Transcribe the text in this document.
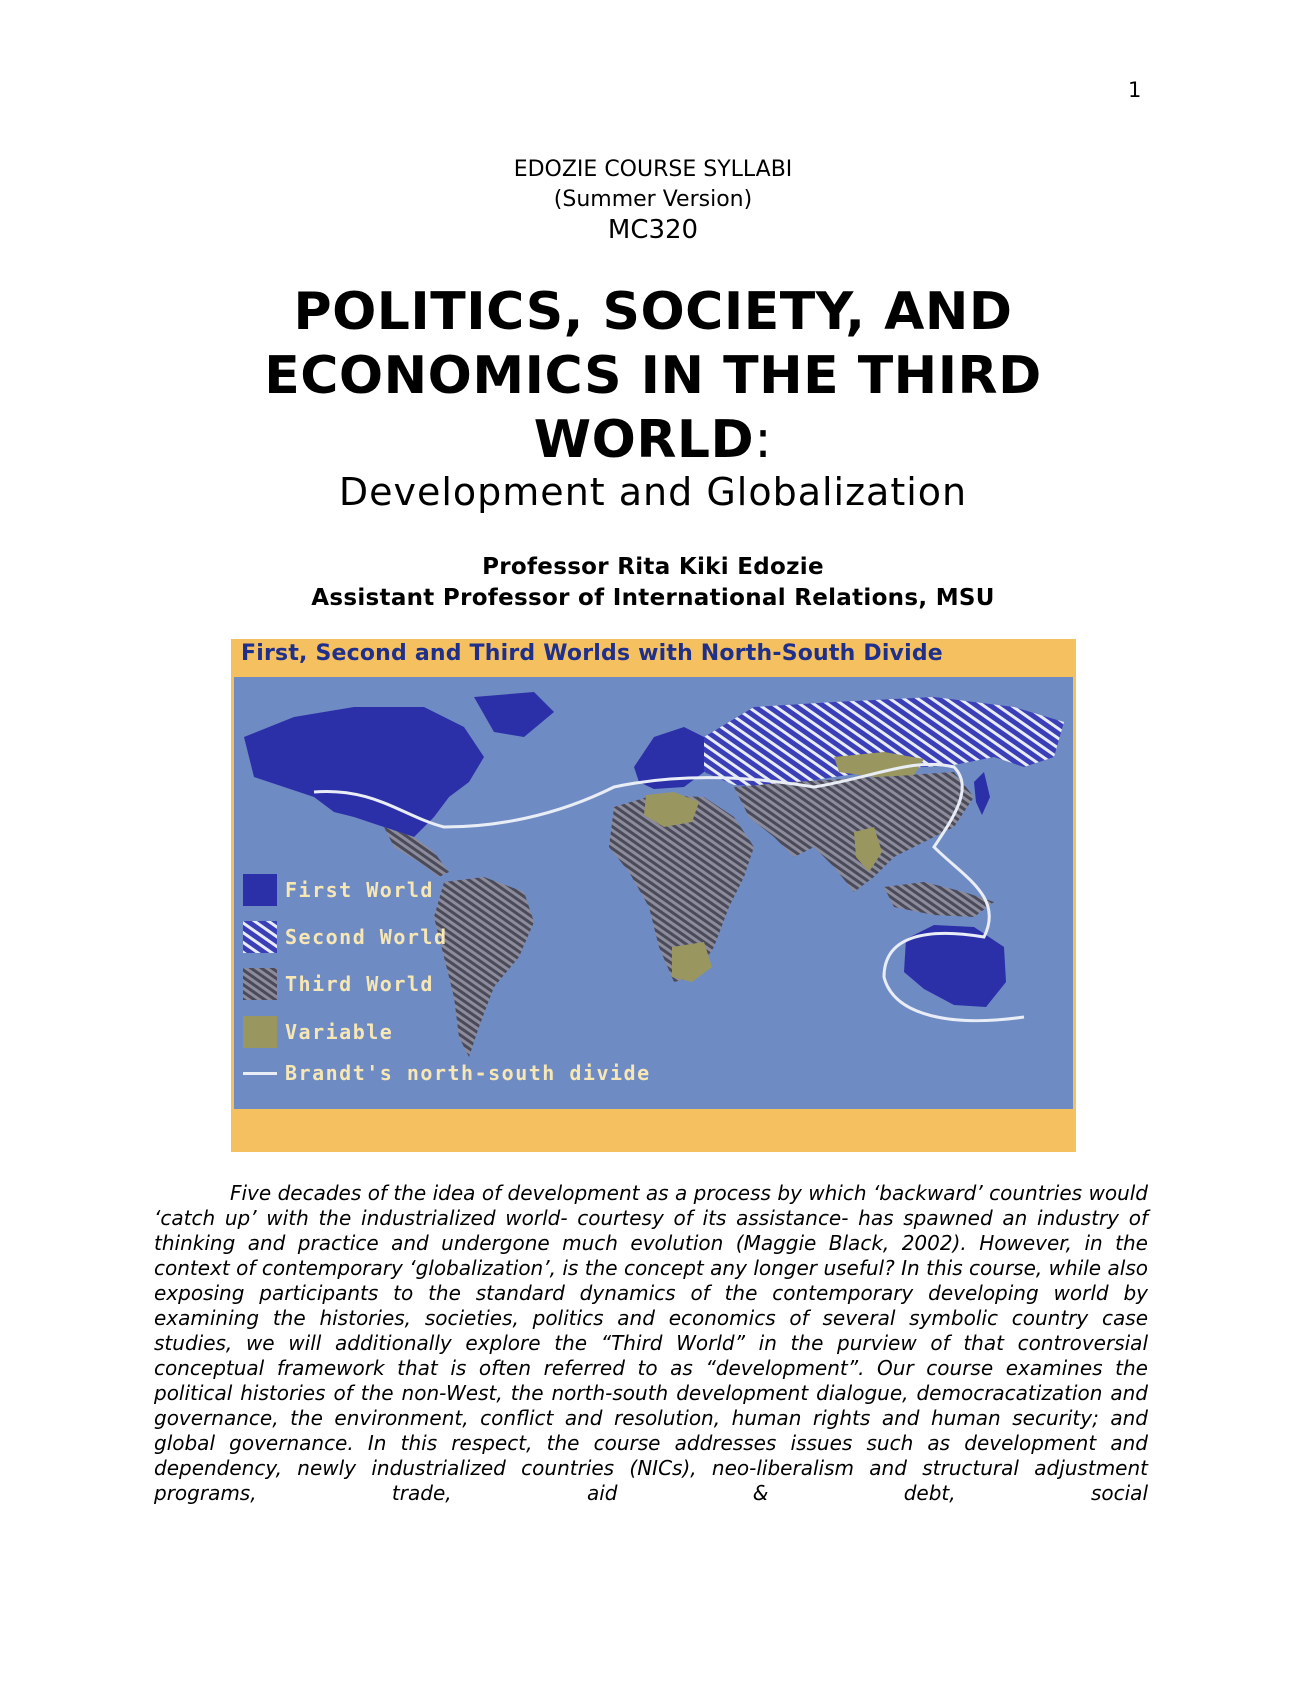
1
EDOZIE COURSE SYLLABI
(Summer Version)
MC320
POLITICS, SOCIETY, AND
ECONOMICS IN THE THIRD
WORLD:
Development and Globalization
Professor Rita Kiki Edozie
Assistant Professor of International Relations, MSU
First, Second and Third Worlds with North-South Divide
First World
Second World
Third World
Variable
Brandt's north-south divide
Five decades of the idea of development as a process by which ‘backward’ countries would ‘catch up’ with the industrialized world- courtesy of its assistance- has spawned an industry of thinking and practice and undergone much evolution (Maggie Black, 2002). However, in the context of contemporary ‘globalization’, is the concept any longer useful? In this course, while also exposing participants to the standard dynamics of the contemporary developing world by examining the histories, societies, politics and economics of several symbolic country case studies, we will additionally explore the “Third World” in the purview of that controversial conceptual framework that is often referred to as “development”. Our course examines the political histories of the non-West, the north-south development dialogue, democracatization and governance, the environment, conflict and resolution, human rights and human security; and global governance. In this respect, the course addresses issues such as development and dependency, newly industrialized countries (NICs), neo-liberalism and structural adjustment programs, trade, aid & debt, social
